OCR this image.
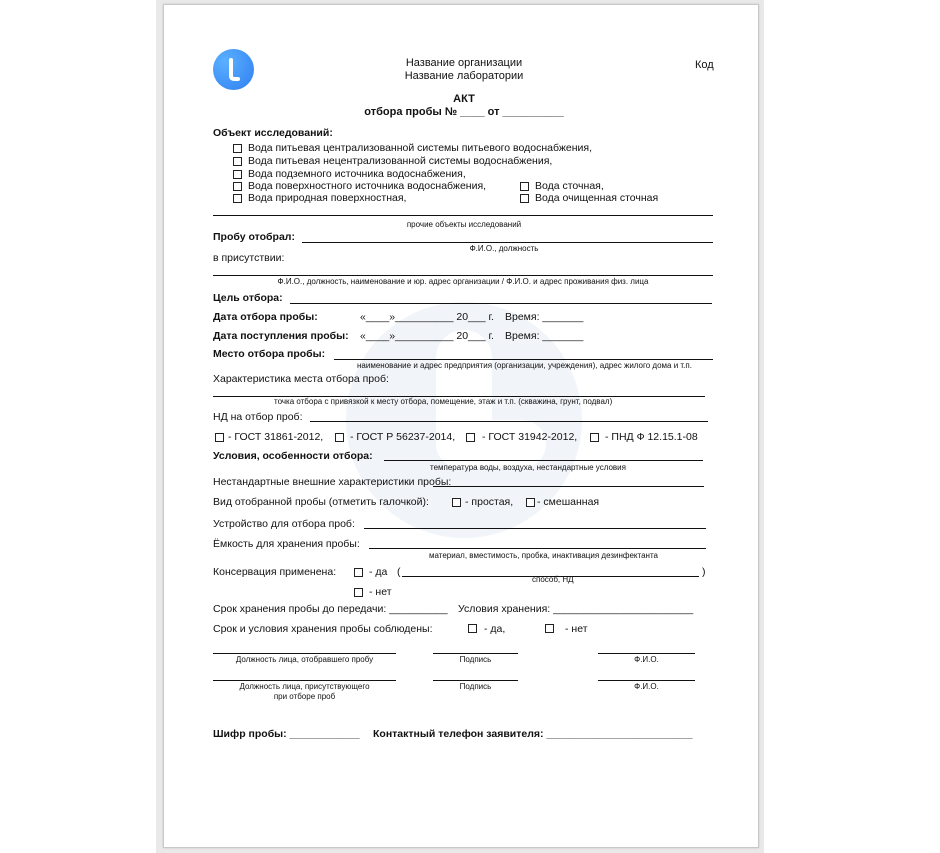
Название организации
Название лаборатории
Код
АКТ
отбора пробы № ____ от __________
Объект исследований:
Вода питьевая централизованной системы питьевого водоснабжения,
Вода питьевая нецентрализованной системы водоснабжения,
Вода подземного источника водоснабжения,
Вода поверхностного источника водоснабжения,
Вода природная поверхностная,
Вода сточная,
Вода очищенная сточная
прочие объекты исследований
Пробу отобрал:
Ф.И.О., должность
в присутствии:
Ф.И.О., должность, наименование и юр. адрес организации / Ф.И.О. и адрес проживания физ. лица
Цель отбора:
Дата отбора пробы:	«____»__________ 20___ г. Время: _______
Дата поступления пробы: «____»__________ 20___ г. Время: _______
Место отбора пробы:
наименование и адрес предприятия (организации, учреждения), адрес жилого дома и т.п.
Характеристика места отбора проб:
точка отбора с привязкой к месту отбора, помещение, этаж и т.п. (скважина, грунт, подвал)
НД на отбор проб:
- ГОСТ 31861-2012,	- ГОСТ Р 56237-2014,	- ГОСТ 31942-2012,	- ПНД Ф 12.15.1-08
Условия, особенности отбора:
температура воды, воздуха, нестандартные условия
Нестандартные внешние характеристики пробы:
Вид отобранной пробы (отметить галочкой):	- простая, - смешанная
Устройство для отбора проб:
Ёмкость для хранения пробы:
материал, вместимость, пробка, инактивация дезинфектанта
Консервация применена:	- да (	)
способ, НД
- нет
Срок хранения пробы до передачи: __________ Условия хранения: ________________________
Срок и условия хранения пробы соблюдены:	- да,	- нет
Должность лица, отобравшего пробу	Подпись	Ф.И.О.
Должность лица, присутствующего
при отборе проб
Подпись	Ф.И.О.
Шифр пробы: ____________ Контактный телефон заявителя: _________________________
